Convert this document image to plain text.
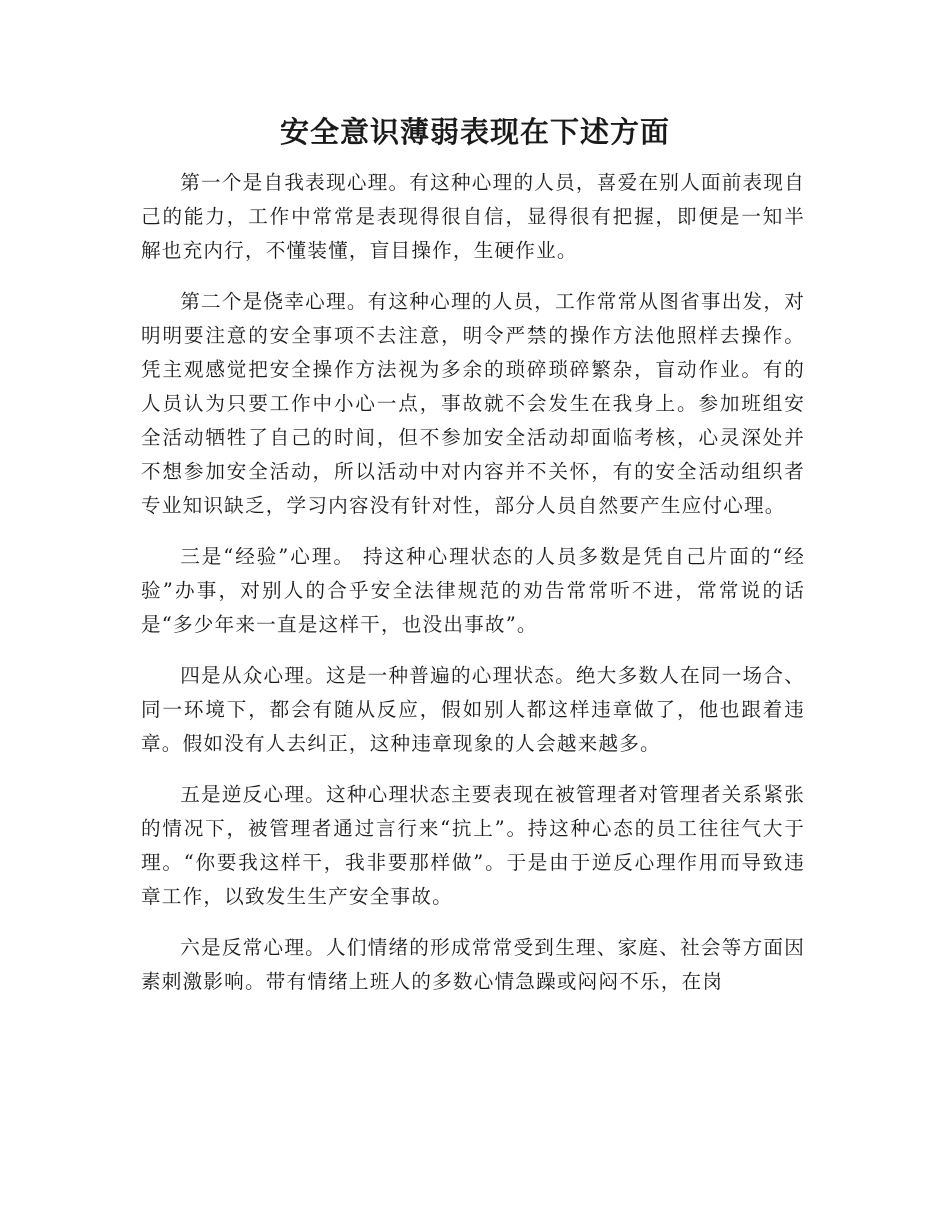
安全意识薄弱表现在下述方面

第一个是自我表现心理。有这种心理的人员，喜爱在别人面前表现自己的能力，工作中常常是表现得很自信，显得很有把握，即便是一知半解也充内行，不懂装懂，盲目操作，生硬作业。

第二个是侥幸心理。有这种心理的人员，工作常常从图省事出发，对明明要注意的安全事项不去注意，明令严禁的操作方法他照样去操作。凭主观感觉把安全操作方法视为多余的琐碎琐碎繁杂，盲动作业。有的人员认为只要工作中小心一点，事故就不会发生在我身上。参加班组安全活动牺牲了自己的时间，但不参加安全活动却面临考核，心灵深处并不想参加安全活动，所以活动中对内容并不关怀，有的安全活动组织者专业知识缺乏，学习内容没有针对性，部分人员自然要产生应付心理。

三是“经验”心理。 持这种心理状态的人员多数是凭自己片面的“经验”办事，对别人的合乎安全法律规范的劝告常常听不进，常常说的话是“多少年来一直是这样干，也没出事故”。

四是从众心理。这是一种普遍的心理状态。绝大多数人在同一场合、同一环境下，都会有随从反应，假如别人都这样违章做了，他也跟着违章。假如没有人去纠正，这种违章现象的人会越来越多。

五是逆反心理。这种心理状态主要表现在被管理者对管理者关系紧张的情况下，被管理者通过言行来“抗上”。持这种心态的员工往往气大于理。“你要我这样干，我非要那样做”。于是由于逆反心理作用而导致违章工作，以致发生生产安全事故。

六是反常心理。人们情绪的形成常常受到生理、家庭、社会等方面因素刺激影响。带有情绪上班人的多数心情急躁或闷闷不乐，在岗
